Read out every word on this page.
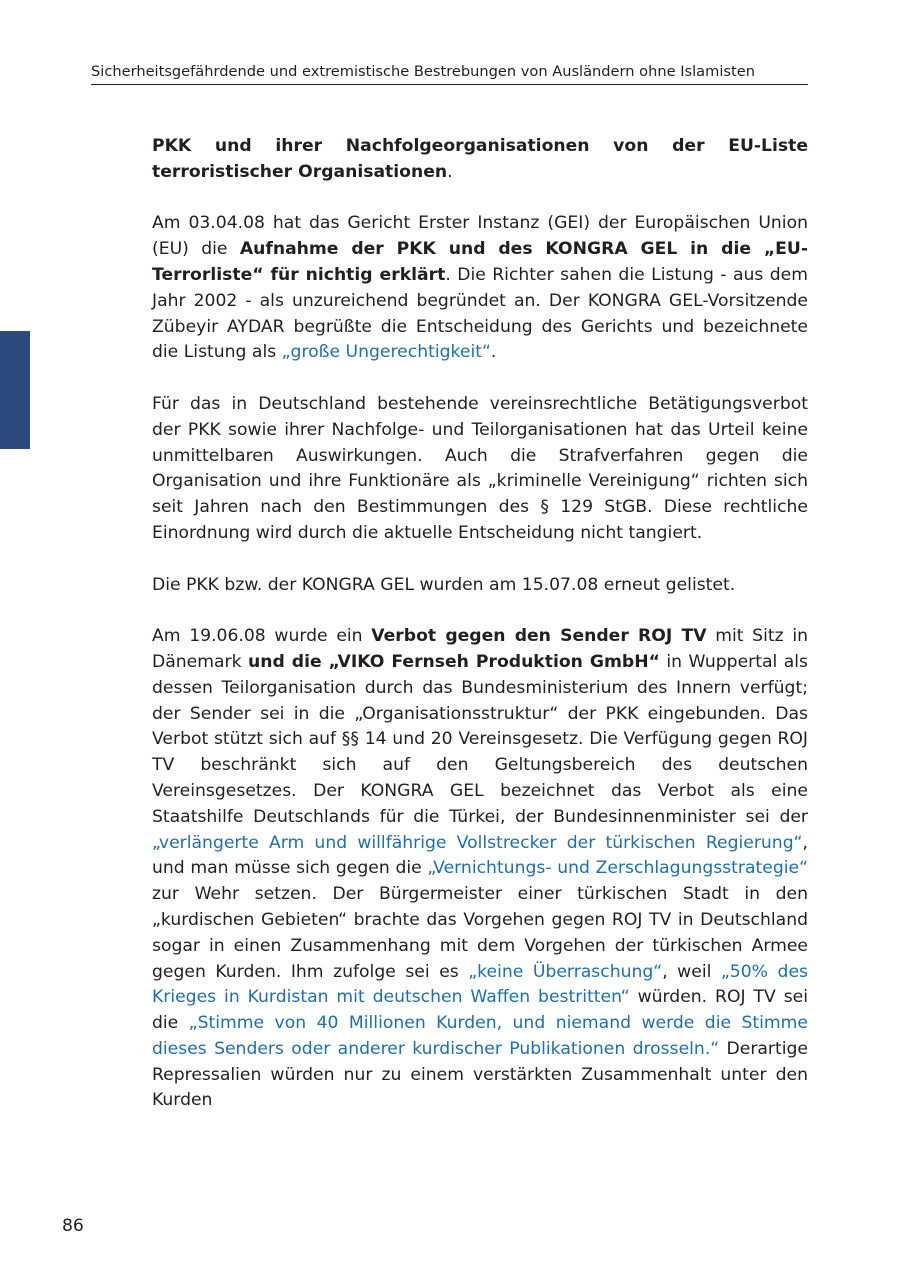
Sicherheitsgefährdende und extremistische Bestrebungen von Ausländern ohne Islamisten

PKK und ihrer Nachfolgeorganisationen von der EU-Liste terroristischer Organisationen.

Am 03.04.08 hat das Gericht Erster Instanz (GEI) der Europäischen Union (EU) die Aufnahme der PKK und des KONGRA GEL in die „EU-Terrorliste“ für nichtig erklärt. Die Richter sahen die Listung - aus dem Jahr 2002 - als unzureichend begründet an. Der KONGRA GEL-Vorsitzende Zübeyir AYDAR begrüßte die Entscheidung des Gerichts und bezeichnete die Listung als „große Ungerechtigkeit“.

Für das in Deutschland bestehende vereinsrechtliche Betätigungsverbot der PKK sowie ihrer Nachfolge- und Teilorganisationen hat das Urteil keine unmittelbaren Auswirkungen. Auch die Strafverfahren gegen die Organisation und ihre Funktionäre als „kriminelle Vereinigung“ richten sich seit Jahren nach den Bestimmungen des § 129 StGB. Diese rechtliche Einordnung wird durch die aktuelle Entscheidung nicht tangiert.

Die PKK bzw. der KONGRA GEL wurden am 15.07.08 erneut gelistet.

Am 19.06.08 wurde ein Verbot gegen den Sender ROJ TV mit Sitz in Dänemark und die „VIKO Fernseh Produktion GmbH“ in Wuppertal als dessen Teilorganisation durch das Bundesministerium des Innern verfügt; der Sender sei in die „Organisationsstruktur“ der PKK eingebunden. Das Verbot stützt sich auf §§ 14 und 20 Vereinsgesetz. Die Verfügung gegen ROJ TV beschränkt sich auf den Geltungsbereich des deutschen Vereinsgesetzes. Der KONGRA GEL bezeichnet das Verbot als eine Staatshilfe Deutschlands für die Türkei, der Bundesinnenminister sei der „verlängerte Arm und willfährige Vollstrecker der türkischen Regierung“, und man müsse sich gegen die „Vernichtungs- und Zerschlagungsstrategie“ zur Wehr setzen. Der Bürgermeister einer türkischen Stadt in den „kurdischen Gebieten“ brachte das Vorgehen gegen ROJ TV in Deutschland sogar in einen Zusammenhang mit dem Vorgehen der türkischen Armee gegen Kurden. Ihm zufolge sei es „keine Überraschung“, weil „50% des Krieges in Kurdistan mit deutschen Waffen bestritten“ würden. ROJ TV sei die „Stimme von 40 Millionen Kurden, und niemand werde die Stimme dieses Senders oder anderer kurdischer Publikationen drosseln.“ Derartige Repressalien würden nur zu einem verstärkten Zusammenhalt unter den Kurden

86
